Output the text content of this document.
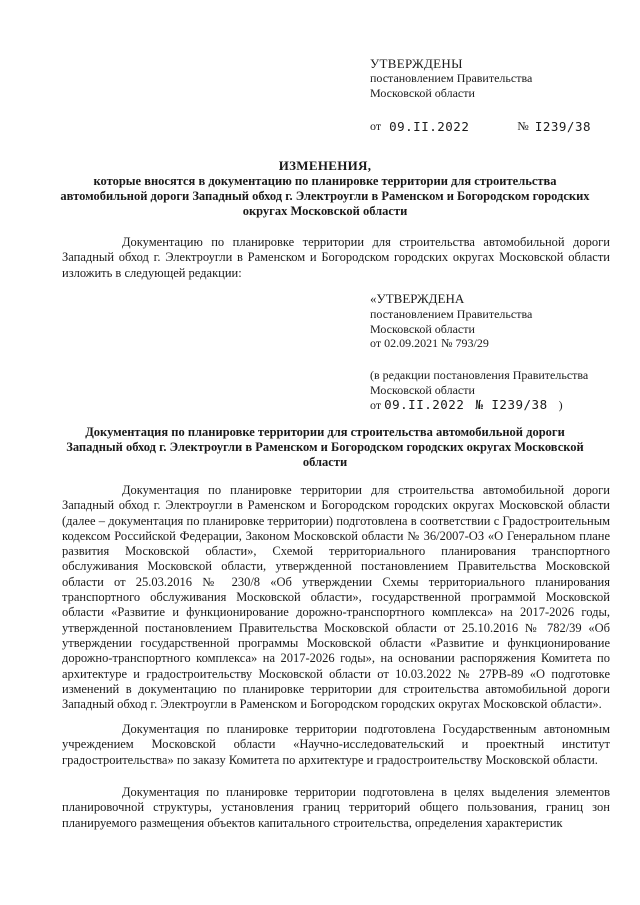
УТВЕРЖДЕНЫ
постановлением Правительства
Московской области
от 09.II.2022	№ I239/38
ИЗМЕНЕНИЯ,
которые вносятся в документацию по планировке территории для строительства автомобильной дороги Западный обход г. Электроугли в Раменском и Богородском городских округах Московской области

Документацию по планировке территории для строительства автомобильной дороги Западный обход г. Электроугли в Раменском и Богородском городских округах Московской области изложить в следующей редакции:

«УТВЕРЖДЕНА
постановлением Правительства
Московской области
от 02.09.2021 № 793/29
(в редакции постановления Правительства
Московской области
от 09.II.2022 № I239/38 )
Документация по планировке территории для строительства автомобильной дороги Западный обход г. Электроугли в Раменском и Богородском городских округах Московской области

Документация по планировке территории для строительства автомобильной дороги Западный обход г. Электроугли в Раменском и Богородском городских округах Московской области (далее – документация по планировке территории) подготовлена в соответствии с Градостроительным кодексом Российской Федерации, Законом Московской области № 36/2007-ОЗ «О Генеральном плане развития Московской области», Схемой территориального планирования транспортного обслуживания Московской области, утвержденной постановлением Правительства Московской области от 25.03.2016 № 230/8 «Об утверждении Схемы территориального планирования транспортного обслуживания Московской области», государственной программой Московской области «Развитие и функционирование дорожно-транспортного комплекса» на 2017-2026 годы, утвержденной постановлением Правительства Московской области от 25.10.2016 № 782/39 «Об утверждении государственной программы Московской области «Развитие и функционирование дорожно-транспортного комплекса» на 2017-2026 годы», на основании распоряжения Комитета по архитектуре и градостроительству Московской области от 10.03.2022 № 27РВ-89 «О подготовке изменений в документацию по планировке территории для строительства автомобильной дороги Западный обход г. Электроугли в Раменском и Богородском городских округах Московской области».

Документация по планировке территории подготовлена Государственным автономным учреждением Московской области «Научно-исследовательский и проектный институт градостроительства» по заказу Комитета по архитектуре и градостроительству Московской области.

Документация по планировке территории подготовлена в целях выделения элементов планировочной структуры, установления границ территорий общего пользования, границ зон планируемого размещения объектов капитального строительства, определения характеристик
